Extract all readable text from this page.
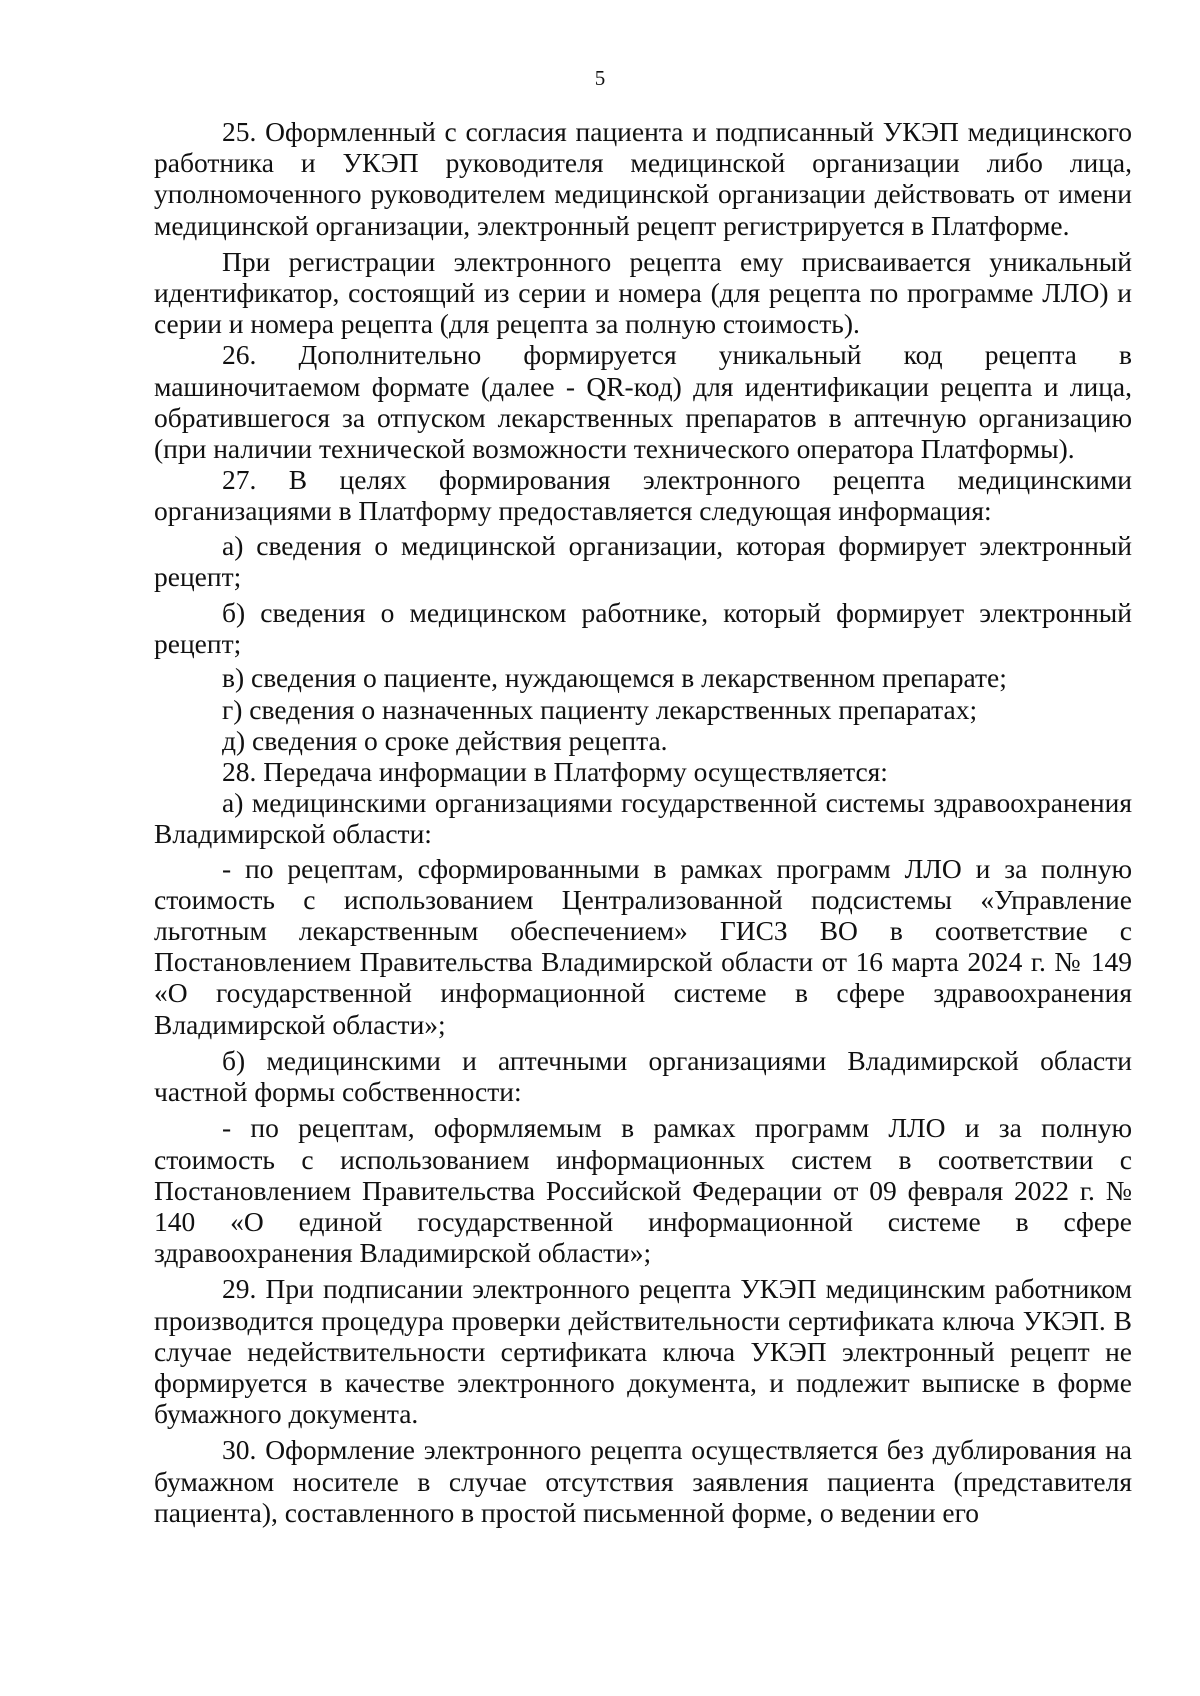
5

25. Оформленный с согласия пациента и подписанный УКЭП медицинского работника и УКЭП руководителя медицинской организации либо лица, уполномоченного руководителем медицинской организации действовать от имени медицинской организации, электронный рецепт регистрируется в Платформе.

При регистрации электронного рецепта ему присваивается уникальный идентификатор, состоящий из серии и номера (для рецепта по программе ЛЛО) и серии и номера рецепта (для рецепта за полную стоимость).

26. Дополнительно формируется уникальный код рецепта в машиночитаемом формате (далее - QR-код) для идентификации рецепта и лица, обратившегося за отпуском лекарственных препаратов в аптечную организацию (при наличии технической возможности технического оператора Платформы).

27. В целях формирования электронного рецепта медицинскими организациями в Платформу предоставляется следующая информация:

а) сведения о медицинской организации, которая формирует электронный рецепт;

б) сведения о медицинском работнике, который формирует электронный рецепт;

в) сведения о пациенте, нуждающемся в лекарственном препарате;

г) сведения о назначенных пациенту лекарственных препаратах;

д) сведения о сроке действия рецепта.

28. Передача информации в Платформу осуществляется:

а) медицинскими организациями государственной системы здравоохранения Владимирской области:

- по рецептам, сформированными в рамках программ ЛЛО и за полную стоимость с использованием Централизованной подсистемы «Управление льготным лекарственным обеспечением» ГИСЗ ВО в соответствие с Постановлением Правительства Владимирской области от 16 марта 2024 г. № 149 «О государственной информационной системе в сфере здравоохранения Владимирской области»;

б) медицинскими и аптечными организациями Владимирской области частной формы собственности:

- по рецептам, оформляемым в рамках программ ЛЛО и за полную стоимость с использованием информационных систем в соответствии с Постановлением Правительства Российской Федерации от 09 февраля 2022 г. № 140 «О единой государственной информационной системе в сфере здравоохранения Владимирской области»;

29. При подписании электронного рецепта УКЭП медицинским работником производится процедура проверки действительности сертификата ключа УКЭП. В случае недействительности сертификата ключа УКЭП электронный рецепт не формируется в качестве электронного документа, и подлежит выписке в форме бумажного документа.

30. Оформление электронного рецепта осуществляется без дублирования на бумажном носителе в случае отсутствия заявления пациента (представителя пациента), составленного в простой письменной форме, о ведении его
